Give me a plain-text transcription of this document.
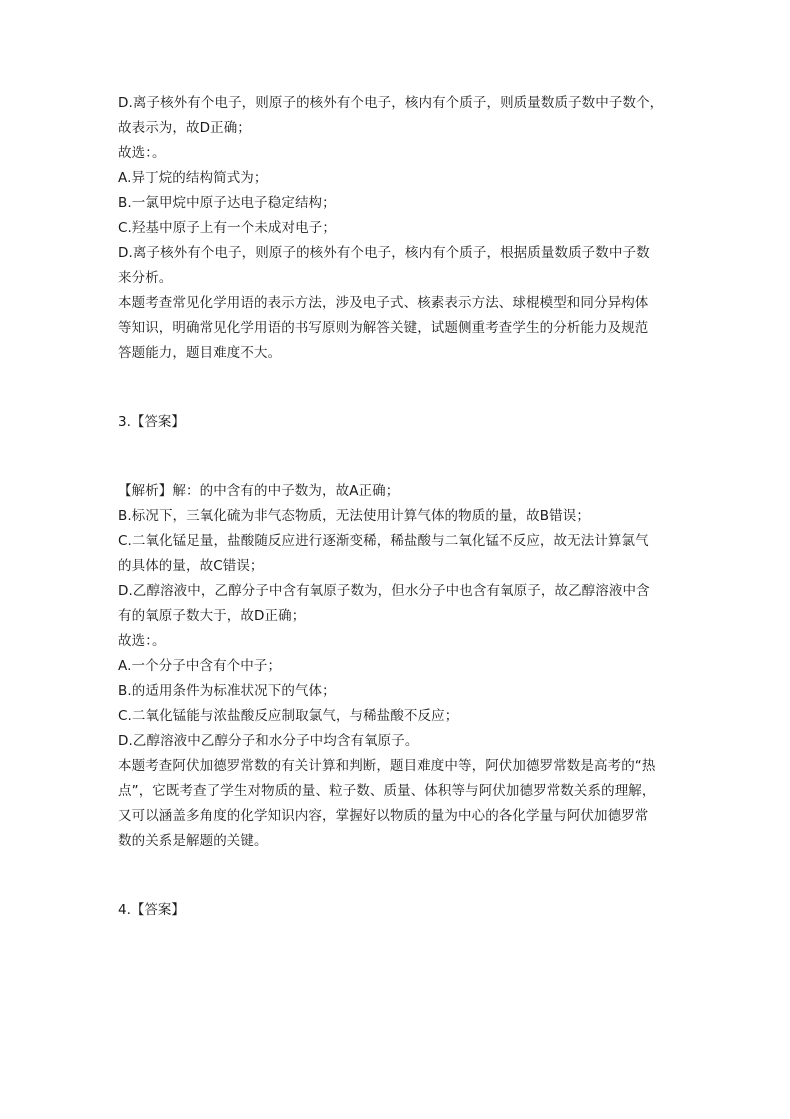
D.离子核外有个电子，则原子的核外有个电子，核内有个质子，则质量数质子数中子数个，
故表示为，故D正确；
故选：。
A.异丁烷的结构简式为；
B.一氯甲烷中原子达电子稳定结构；
C.羟基中原子上有一个未成对电子；
D.离子核外有个电子，则原子的核外有个电子，核内有个质子，根据质量数质子数中子数
来分析。
本题考查常见化学用语的表示方法，涉及电子式、核素表示方法、球棍模型和同分异构体
等知识，明确常见化学用语的书写原则为解答关键，试题侧重考查学生的分析能力及规范
答题能力，题目难度不大。
3.【答案】
【解析】解：的中含有的中子数为，故A正确；
B.标况下，三氧化硫为非气态物质，无法使用计算气体的物质的量，故B错误；
C.二氧化锰足量，盐酸随反应进行逐渐变稀，稀盐酸与二氧化锰不反应，故无法计算氯气
的具体的量，故C错误；
D.乙醇溶液中，乙醇分子中含有氧原子数为，但水分子中也含有氧原子，故乙醇溶液中含
有的氧原子数大于，故D正确；
故选：。
A.一个分子中含有个中子；
B.的适用条件为标准状况下的气体；
C.二氧化锰能与浓盐酸反应制取氯气，与稀盐酸不反应；
D.乙醇溶液中乙醇分子和水分子中均含有氧原子。
本题考查阿伏加德罗常数的有关计算和判断，题目难度中等，阿伏加德罗常数是高考的“热
点”，它既考查了学生对物质的量、粒子数、质量、体积等与阿伏加德罗常数关系的理解，
又可以涵盖多角度的化学知识内容，掌握好以物质的量为中心的各化学量与阿伏加德罗常
数的关系是解题的关键。
4.【答案】
